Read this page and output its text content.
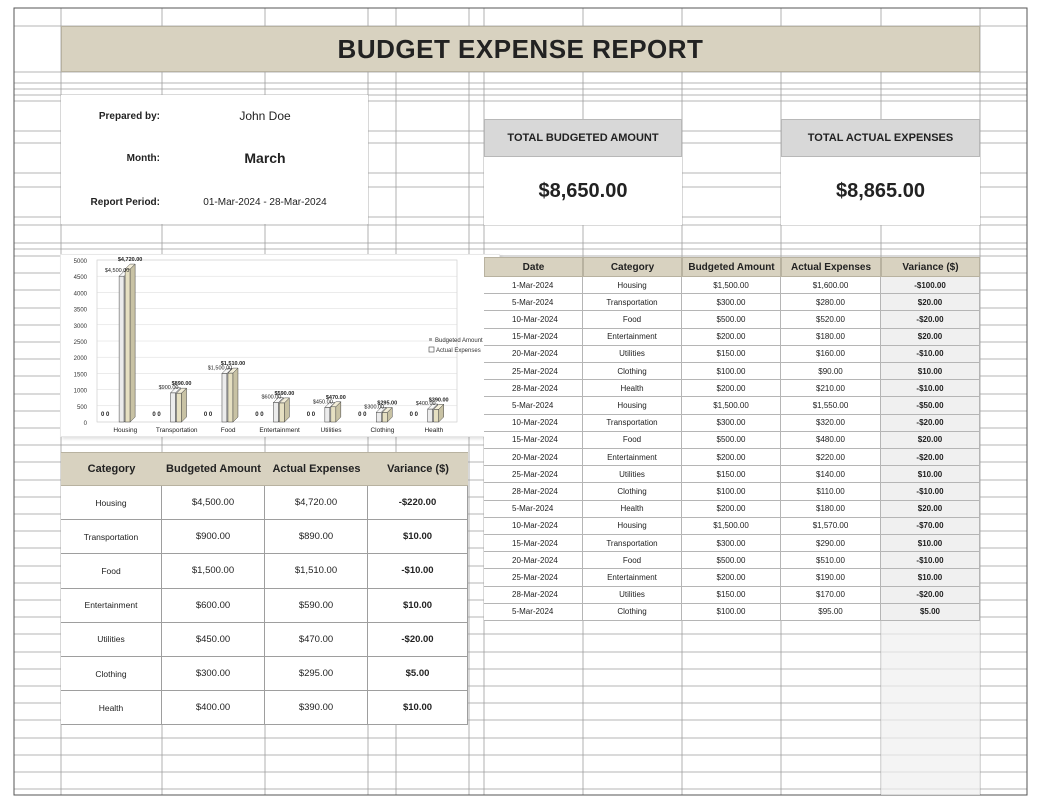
BUDGET EXPENSE REPORT
Prepared by:	John Doe
Month:	March
Report Period:	01-Mar-2024 - 28-Mar-2024
TOTAL BUDGETED AMOUNT
$8,650.00
TOTAL ACTUAL EXPENSES
$8,865.00
0
500
1000
1500
2000
2500
3000
3500
4000
4500
5000
0 0
$4,500.00
$4,720.00
Housing
0 0
$900.00
$890.00
Transportation
0 0
$1,500.00
$1,510.00
Food
0 0
$600.00
$590.00
Entertainment
0 0
$450.00
$470.00
Utilities
0 0
$300.00
$295.00
Clothing
0 0
$400.00
$390.00
Health
Budgeted Amount
Actual Expenses
Category	Budgeted Amount	Actual Expenses	Variance ($)
Housing	$4,500.00	$4,720.00	-$220.00
Transportation	$900.00	$890.00	$10.00
Food	$1,500.00	$1,510.00	-$10.00
Entertainment	$600.00	$590.00	$10.00
Utilities	$450.00	$470.00	-$20.00
Clothing	$300.00	$295.00	$5.00
Health	$400.00	$390.00	$10.00
Date	Category	Budgeted Amount	Actual Expenses	Variance ($)
1-Mar-2024	Housing	$1,500.00	$1,600.00	-$100.00
5-Mar-2024	Transportation	$300.00	$280.00	$20.00
10-Mar-2024	Food	$500.00	$520.00	-$20.00
15-Mar-2024	Entertainment	$200.00	$180.00	$20.00
20-Mar-2024	Utilities	$150.00	$160.00	-$10.00
25-Mar-2024	Clothing	$100.00	$90.00	$10.00
28-Mar-2024	Health	$200.00	$210.00	-$10.00
5-Mar-2024	Housing	$1,500.00	$1,550.00	-$50.00
10-Mar-2024	Transportation	$300.00	$320.00	-$20.00
15-Mar-2024	Food	$500.00	$480.00	$20.00
20-Mar-2024	Entertainment	$200.00	$220.00	-$20.00
25-Mar-2024	Utilities	$150.00	$140.00	$10.00
28-Mar-2024	Clothing	$100.00	$110.00	-$10.00
5-Mar-2024	Health	$200.00	$180.00	$20.00
10-Mar-2024	Housing	$1,500.00	$1,570.00	-$70.00
15-Mar-2024	Transportation	$300.00	$290.00	$10.00
20-Mar-2024	Food	$500.00	$510.00	-$10.00
25-Mar-2024	Entertainment	$200.00	$190.00	$10.00
28-Mar-2024	Utilities	$150.00	$170.00	-$20.00
5-Mar-2024	Clothing	$100.00	$95.00	$5.00
